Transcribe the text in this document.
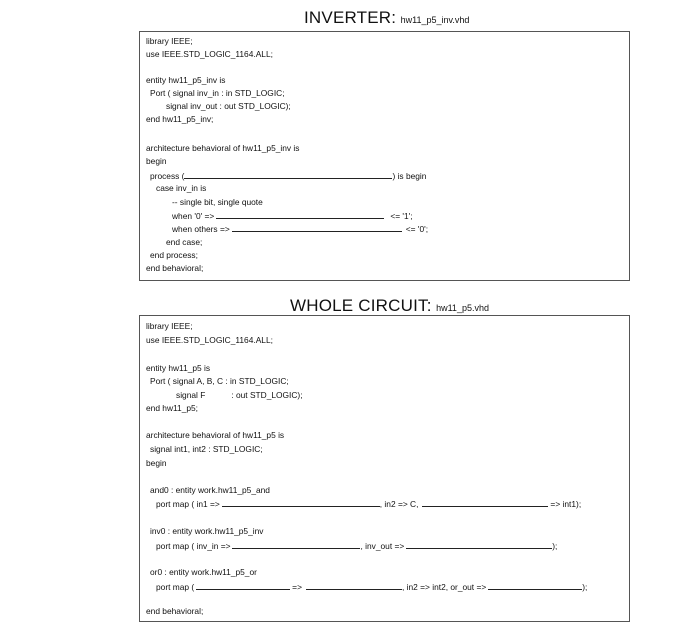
INVERTER: hw11_p5_inv.vhd
library IEEE;
use IEEE.STD_LOGIC_1164.ALL;
entity hw11_p5_inv is
Port ( signal inv_in : in STD_LOGIC;
signal inv_out : out STD_LOGIC);
end hw11_p5_inv;
architecture behavioral of hw11_p5_inv is
begin
process (	) is begin
case inv_in is
-- single bit, single quote
when '0' =>	<= '1';
when others =>	<= '0';
end case;
end process;
end behavioral;
WHOLE CIRCUIT: hw11_p5.vhd
library IEEE;
use IEEE.STD_LOGIC_1164.ALL;
entity hw11_p5 is
Port ( signal A, B, C : in STD_LOGIC;
signal F	: out STD_LOGIC);
end hw11_p5;
architecture behavioral of hw11_p5 is
signal int1, int2 : STD_LOGIC;
begin
and0 : entity work.hw11_p5_and
port map ( in1 =>	, in2 => C,	=> int1);
inv0 : entity work.hw11_p5_inv
port map ( inv_in =>	, inv_out =>	);
or0 : entity work.hw11_p5_or
port map (	=>	, in2 => int2, or_out =>	);
end behavioral;
